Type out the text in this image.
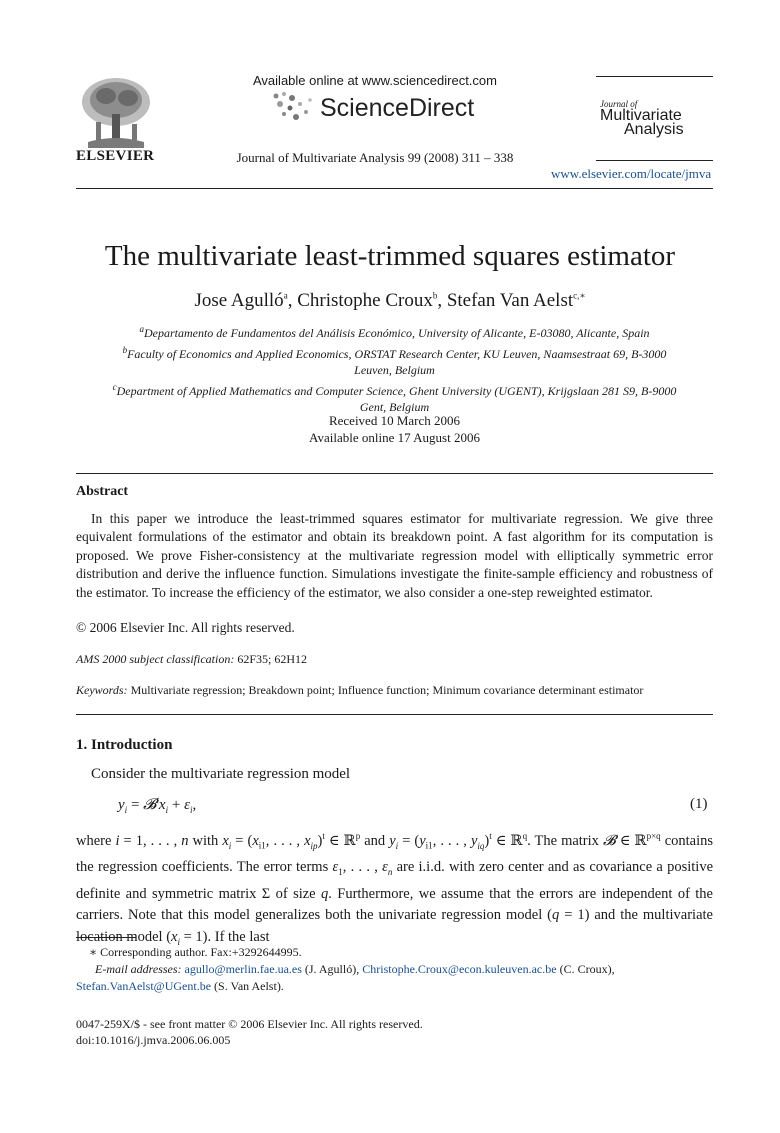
ELSEVIER
Available online at www.sciencedirect.com
ScienceDirect
Journal of Multivariate Analysis 99 (2008) 311 – 338
Journal of
Multivariate
Analysis
www.elsevier.com/locate/jmva
The multivariate least-trimmed squares estimator
Jose Agulló$^a$, Christophe Croux$^b$, Stefan Van Aelst$^{c,∗}$
$^a$Departamento de Fundamentos del Análisis Económico, University of Alicante, E-03080, Alicante, Spain
$^b$Faculty of Economics and Applied Economics, ORSTAT Research Center, KU Leuven, Naamsestraat 69, B-3000
Leuven, Belgium
$^c$Department of Applied Mathematics and Computer Science, Ghent University (UGENT), Krijgslaan 281 S9, B-9000
Gent, Belgium
Received 10 March 2006
Available online 17 August 2006
Abstract
In this paper we introduce the least-trimmed squares estimator for multivariate regression. We give three equivalent formulations of the estimator and obtain its breakdown point. A fast algorithm for its computation is proposed. We prove Fisher-consistency at the multivariate regression model with elliptically symmetric error distribution and derive the influence function. Simulations investigate the finite-sample efficiency and robustness of the estimator. To increase the efficiency of the estimator, we also consider a one-step reweighted estimator.
© 2006 Elsevier Inc. All rights reserved.
AMS 2000 subject classification: 62F35; 62H12
Keywords: Multivariate regression; Breakdown point; Influence function; Minimum covariance determinant estimator
1. Introduction
Consider the multivariate regression model
$y_i$ = $𝓑^tx_i + \varepsilon_i$,	(1)
where i = 1, . . . , n with $x_i = (x_{i1}$, . . . , $x_{ip})^t$ ∈ ℝ$^p$ and $y_i = (y_{i1}$, . . . , $y_{iq})^t$ ∈ ℝ$^q$. The matrix 𝓑 ∈ ℝ$^{p\times q}$ contains the regression coefficients. The error terms $\varepsilon_1$, . . . , $\varepsilon_n$ are i.i.d. with zero center and as covariance a positive definite and symmetric matrix Σ of size q. Furthermore, we assume that the errors are independent of the carriers. Note that this model generalizes both the univariate regression model (q = 1) and the multivariate location model $(x_i = 1)$. If the last
∗ Corresponding author. Fax:+3292644995.
E-mail addresses: agullo@merlin.fae.ua.es (J. Agulló), Christophe.Croux@econ.kuleuven.ac.be (C. Croux),
Stefan.VanAelst@UGent.be (S. Van Aelst).
0047-259X/$ - see front matter © 2006 Elsevier Inc. All rights reserved.
doi:10.1016/j.jmva.2006.06.005
